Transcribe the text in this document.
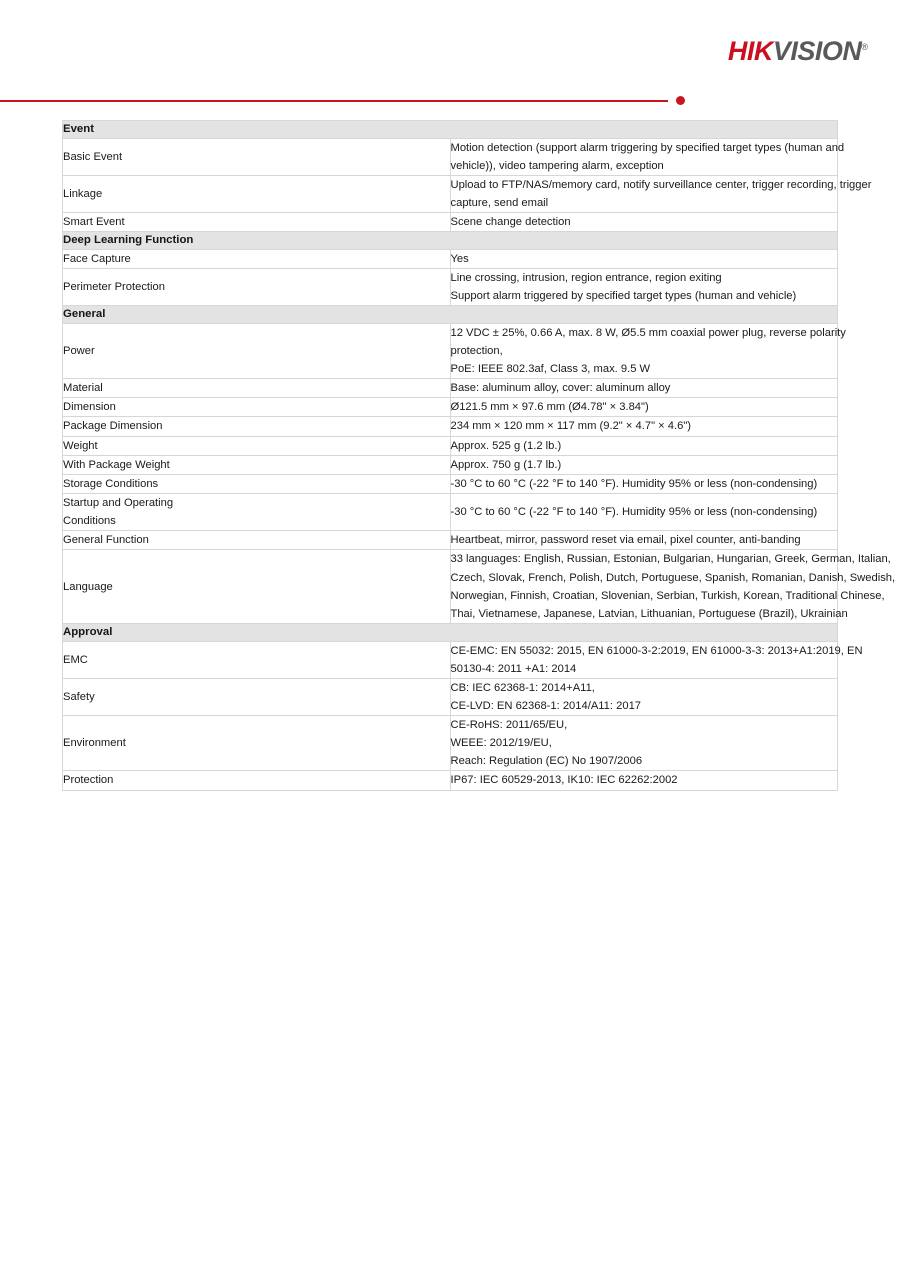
HIKVISION®
Event	
Basic Event	Motion detection (support alarm triggering by specified target types (human and
vehicle)), video tampering alarm, exception

Linkage	Upload to FTP/NAS/memory card, notify surveillance center, trigger recording, trigger
capture, send email

Smart Event	Scene change detection

Deep Learning Function	
Face Capture	Yes

Perimeter Protection	Line crossing, intrusion, region entrance, region exiting
Support alarm triggered by specified target types (human and vehicle)

General	
Power	12 VDC ± 25%, 0.66 A, max. 8 W, Ø5.5 mm coaxial power plug, reverse polarity
protection,
PoE: IEEE 802.3af, Class 3, max. 9.5 W

Material	Base: aluminum alloy, cover: aluminum alloy

Dimension	Ø121.5 mm × 97.6 mm (Ø4.78" × 3.84")

Package Dimension	234 mm × 120 mm × 117 mm (9.2" × 4.7" × 4.6")

Weight	Approx. 525 g (1.2 lb.)

With Package Weight	Approx. 750 g (1.7 lb.)

Storage Conditions	-30 °C to 60 °C (-22 °F to 140 °F). Humidity 95% or less (non-condensing)

Startup and Operating
Conditions	-30 °C to 60 °C (-22 °F to 140 °F). Humidity 95% or less (non-condensing)

General Function	Heartbeat, mirror, password reset via email, pixel counter, anti-banding

Language	33 languages: English, Russian, Estonian, Bulgarian, Hungarian, Greek, German, Italian,
Czech, Slovak, French, Polish, Dutch, Portuguese, Spanish, Romanian, Danish, Swedish,
Norwegian, Finnish, Croatian, Slovenian, Serbian, Turkish, Korean, Traditional Chinese,
Thai, Vietnamese, Japanese, Latvian, Lithuanian, Portuguese (Brazil), Ukrainian

Approval	
EMC	CE-EMC: EN 55032: 2015, EN 61000-3-2:2019, EN 61000-3-3: 2013+A1:2019, EN
50130-4: 2011 +A1: 2014

Safety	CB: IEC 62368-1: 2014+A11,
CE-LVD: EN 62368-1: 2014/A11: 2017

Environment	CE-RoHS: 2011/65/EU,
WEEE: 2012/19/EU,
Reach: Regulation (EC) No 1907/2006

Protection	IP67: IEC 60529-2013, IK10: IEC 62262:2002
